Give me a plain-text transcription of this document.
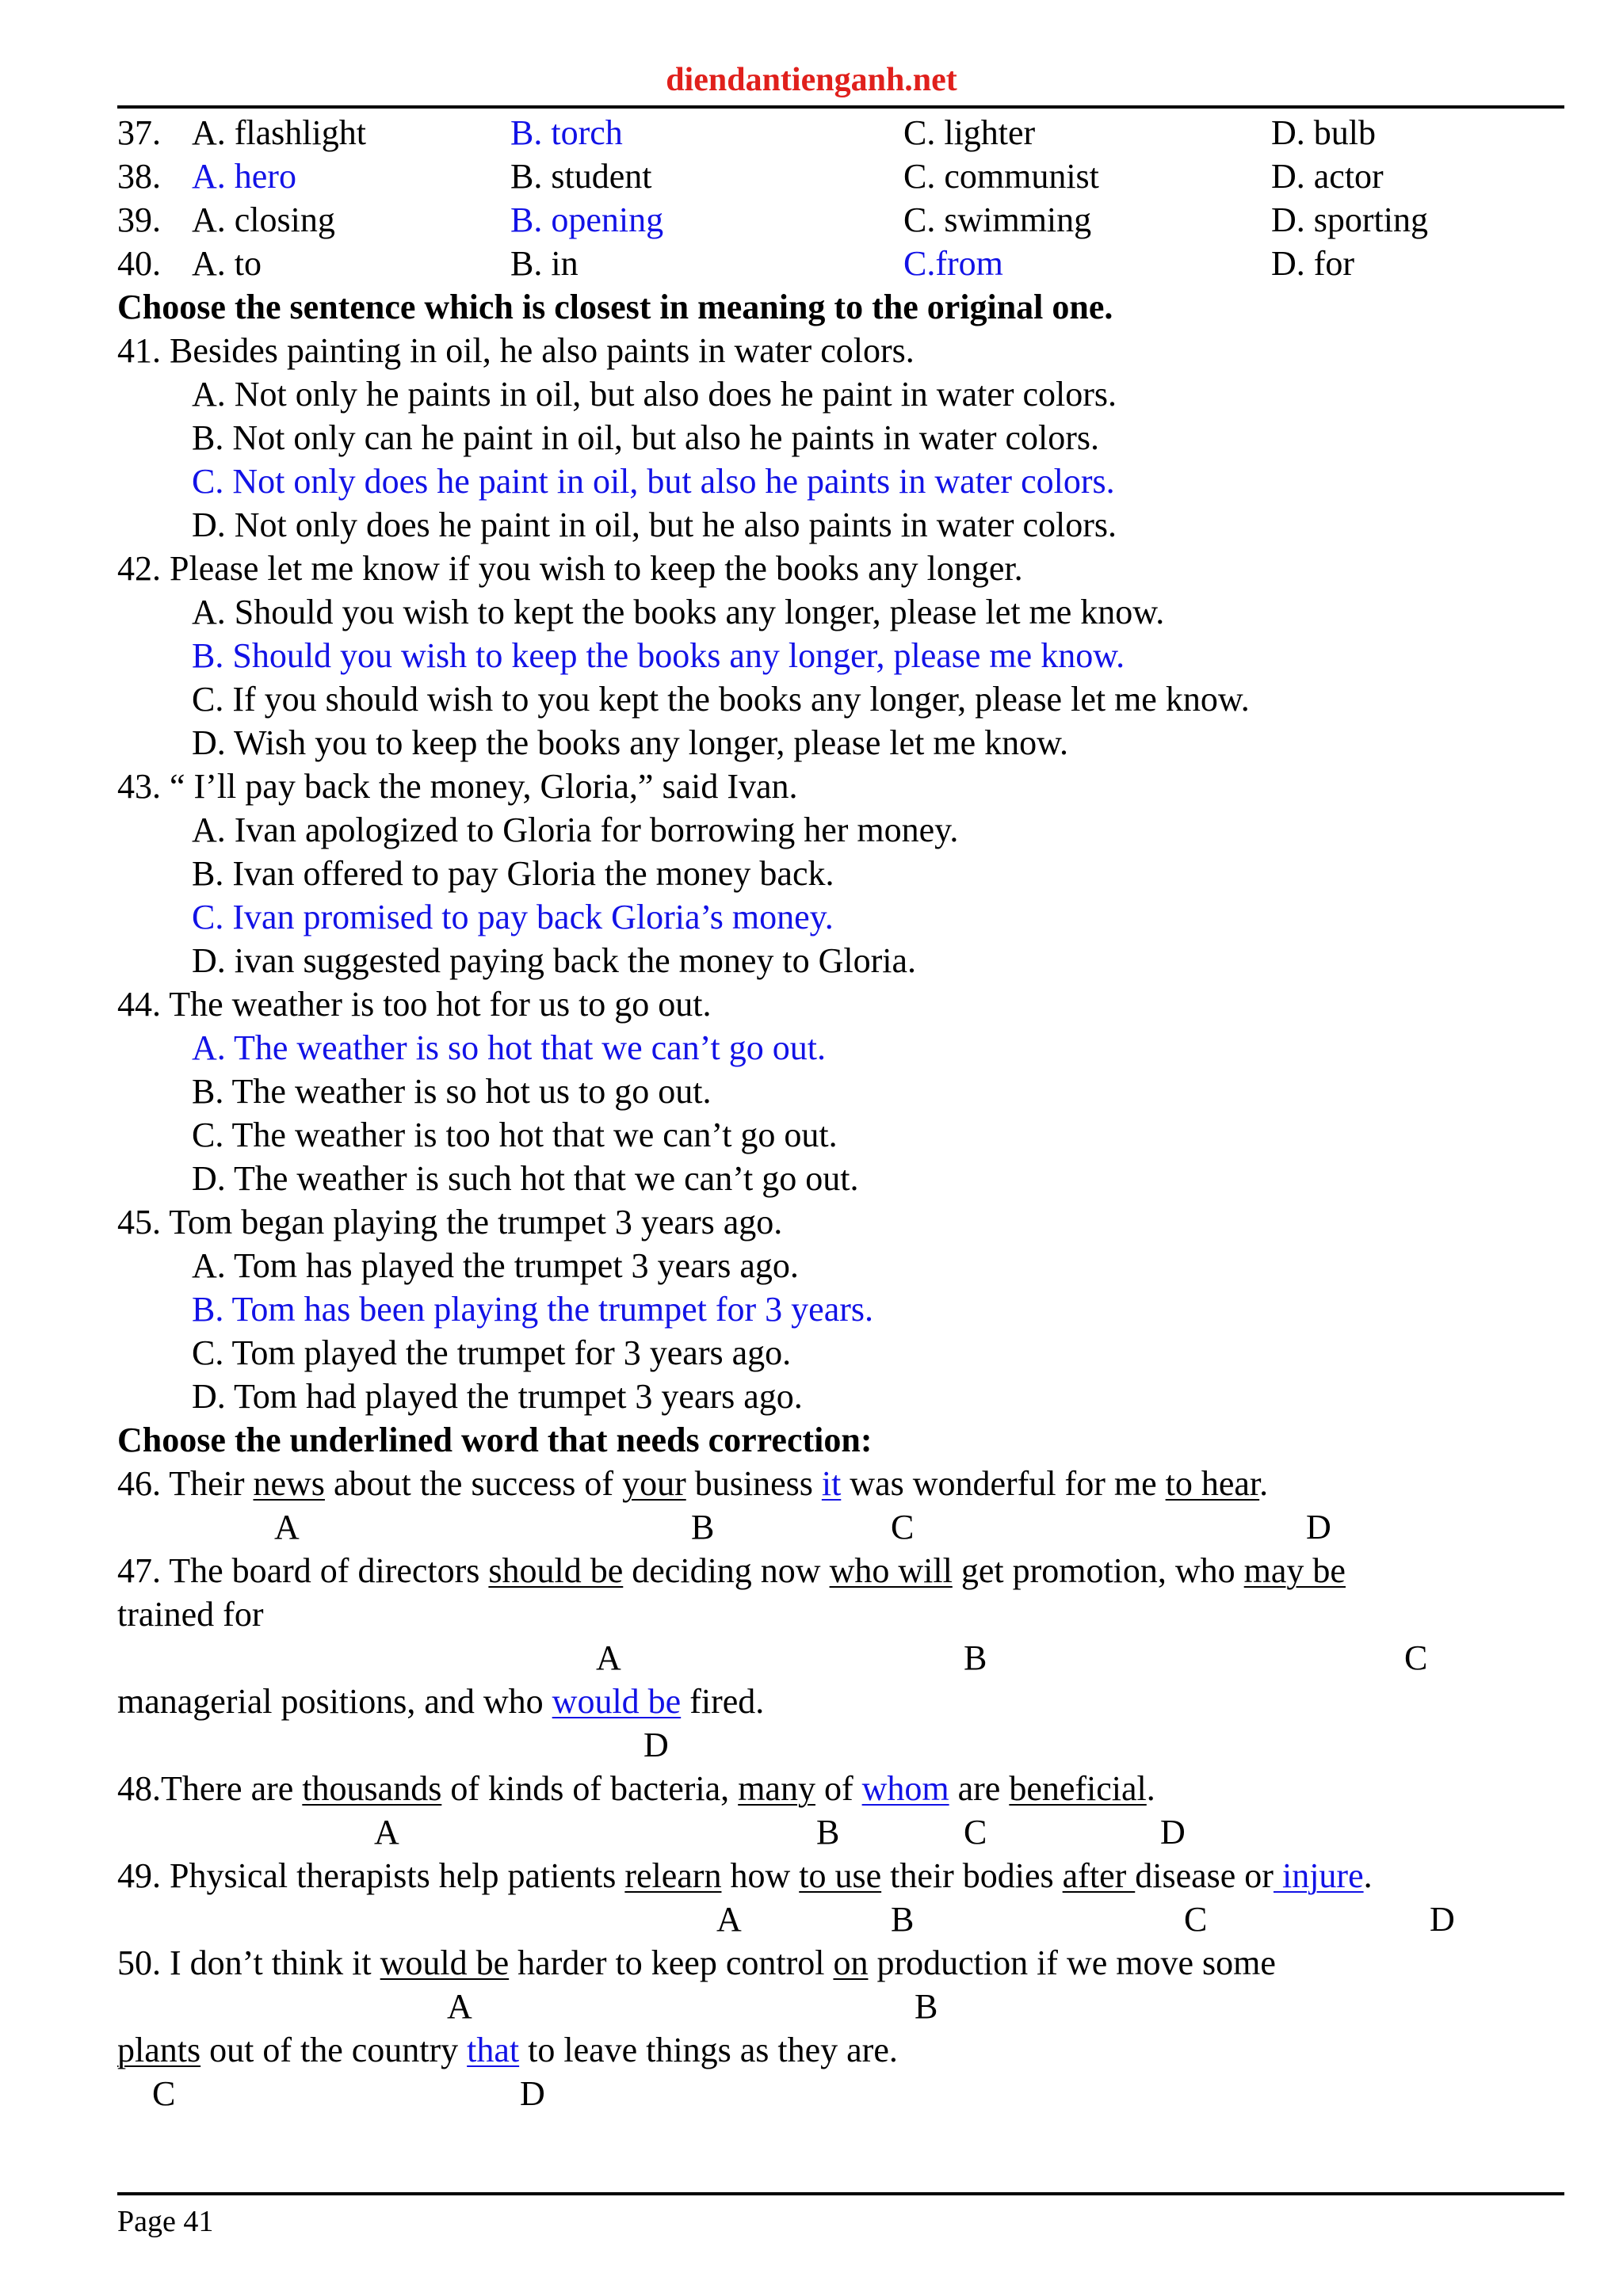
diendantienganh.net
37. A. flashlight	B. torch	C. lighter	D. bulb
38. A. hero	B. student	C. communist	D. actor
39. A. closing	B. opening	C. swimming	D. sporting
40. A. to	B. in	C.from	D. for
Choose the sentence which is closest in meaning to the original one.
41. Besides painting in oil, he also paints in water colors.
A. Not only he paints in oil, but also does he paint in water colors.
B. Not only can he paint in oil, but also he paints in water colors.
C. Not only does he paint in oil, but also he paints in water colors.
D. Not only does he paint in oil, but he also paints in water colors.
42. Please let me know if you wish to keep the books any longer.
A. Should you wish to kept the books any longer, please let me know.
B. Should you wish to keep the books any longer, please me know.
C. If you should wish to you kept the books any longer, please let me know.
D. Wish you to keep the books any longer, please let me know.
43. “ I’ll pay back the money, Gloria,” said Ivan.
A. Ivan apologized to Gloria for borrowing her money.
B. Ivan offered to pay Gloria the money back.
C. Ivan promised to pay back Gloria’s money.
D. ivan suggested paying back the money to Gloria.
44. The weather is too hot for us to go out.
A. The weather is so hot that we can’t go out.
B. The weather is so hot us to go out.
C. The weather is too hot that we can’t go out.
D. The weather is such hot that we can’t go out.
45. Tom began playing the trumpet 3 years ago.
A. Tom has played the trumpet 3 years ago.
B. Tom has been playing the trumpet for 3 years.
C. Tom played the trumpet for 3 years ago.
D. Tom had played the trumpet 3 years ago.
Choose the underlined word that needs correction:
46. Their news about the success of your business it was wonderful for me to hear.
A	B	C	D
47. The board of directors should be deciding now who will get promotion, who may be
trained for
A	B	C
managerial positions, and who would be fired.
D
48.There are thousands of kinds of bacteria, many of whom are beneficial.
A	B	C	D
49. Physical therapists help patients relearn how to use their bodies after disease or injure.
A	B	C	D
50. I don’t think it would be harder to keep control on production if we move some
A	B
plants out of the country that to leave things as they are.
C	D
Page 41
